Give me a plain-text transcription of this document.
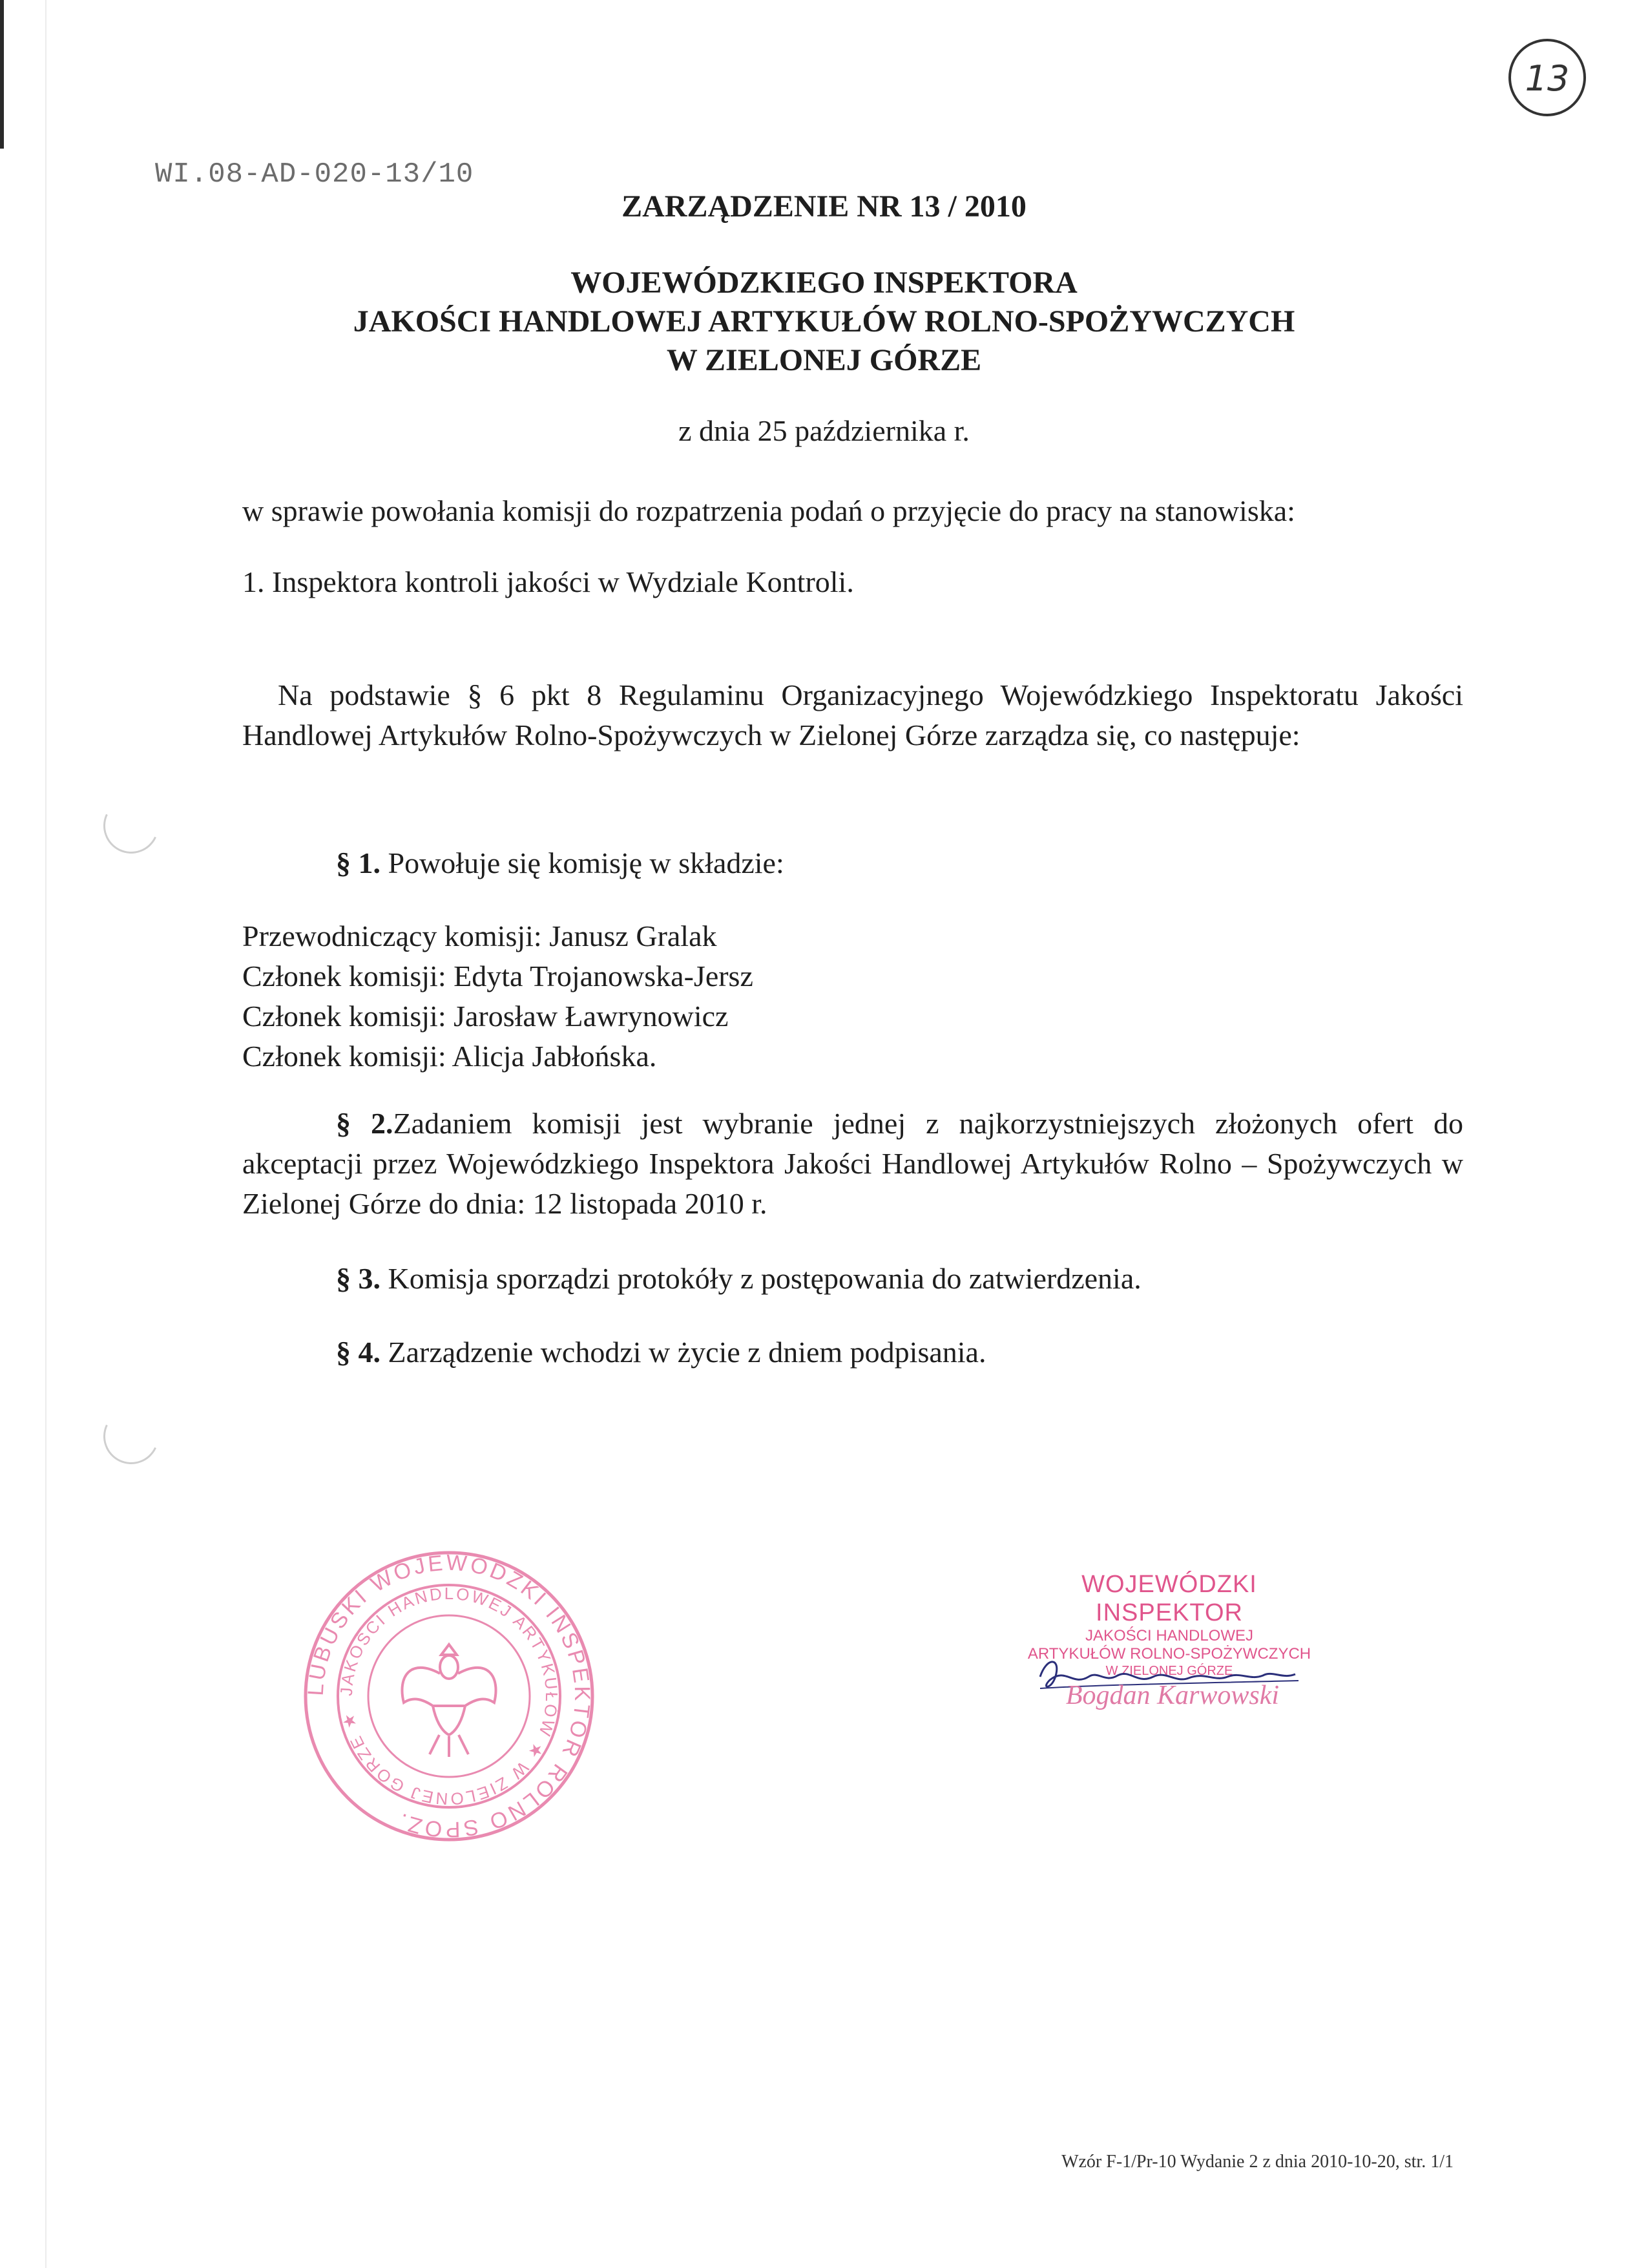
13
WI.08-AD-020-13/10
ZARZĄDZENIE NR 13 / 2010
WOJEWÓDZKIEGO INSPEKTORA
JAKOŚCI HANDLOWEJ ARTYKUŁÓW ROLNO-SPOŻYWCZYCH
W ZIELONEJ GÓRZE
z dnia 25 października r.
w sprawie powołania komisji do rozpatrzenia podań o przyjęcie do pracy na stanowiska:
1. Inspektora kontroli jakości w Wydziale Kontroli.
Na podstawie § 6 pkt 8 Regulaminu Organizacyjnego Wojewódzkiego Inspektoratu Jakości Handlowej Artykułów Rolno-Spożywczych w Zielonej Górze zarządza się, co następuje:
§ 1. Powołuje się komisję w składzie:
Przewodniczący komisji: Janusz Gralak
Członek komisji: Edyta Trojanowska-Jersz
Członek komisji: Jarosław Ławrynowicz
Członek komisji: Alicja Jabłońska.
§ 2.Zadaniem komisji jest wybranie jednej z najkorzystniejszych złożonych ofert do akceptacji przez Wojewódzkiego Inspektora Jakości Handlowej Artykułów Rolno – Spożywczych w Zielonej Górze do dnia: 12 listopada 2010 r.
§ 3. Komisja sporządzi protokóły z postępowania do zatwierdzenia.
§ 4. Zarządzenie wchodzi w życie z dniem podpisania.
LUBUSKI WOJEWÓDZKI INSPEKTOR ROLNO SPOŻ.
JAKOŚCI HANDLOWEJ ARTYKUŁÓW ★ W ZIELONEJ GÓRZE ★
WOJEWÓDZKI INSPEKTOR
JAKOŚCI HANDLOWEJ
ARTYKUŁÓW ROLNO-SPOŻYWCZYCH
W ZIELONEJ GÓRZE
Bogdan Karwowski
Wzór F-1/Pr-10 Wydanie 2 z dnia 2010-10-20, str. 1/1
